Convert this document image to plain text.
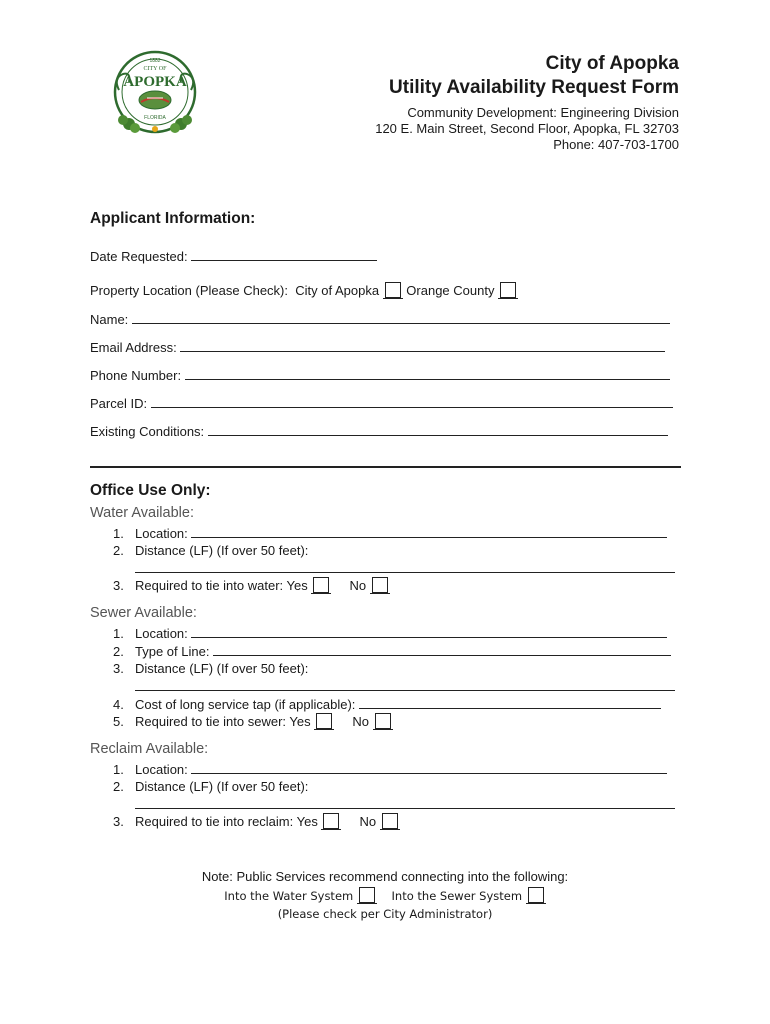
1882
CITY OF
APOPKA
FLORIDA
City of Apopka
Utility Availability Request Form
Community Development: Engineering Division
120 E. Main Street, Second Floor, Apopka, FL 32703
Phone: 407-703-1700
Applicant Information:
Date Requested:
Property Location (Please Check): City of Apopka Orange County
Name:
Email Address:
Phone Number:
Parcel ID:
Existing Conditions:
Office Use Only:
Water Available:
1. Location:
2. Distance (LF) (If over 50 feet):
3. Required to tie into water: Yes	No
Sewer Available:
1. Location:
2. Type of Line:
3. Distance (LF) (If over 50 feet):
4. Cost of long service tap (if applicable):
5. Required to tie into sewer: Yes	No
Reclaim Available:
1. Location:
2. Distance (LF) (If over 50 feet):
3. Required to tie into reclaim: Yes	No
Note: Public Services recommend connecting into the following:
Into the Water System	Into the Sewer System
(Please check per City Administrator)
